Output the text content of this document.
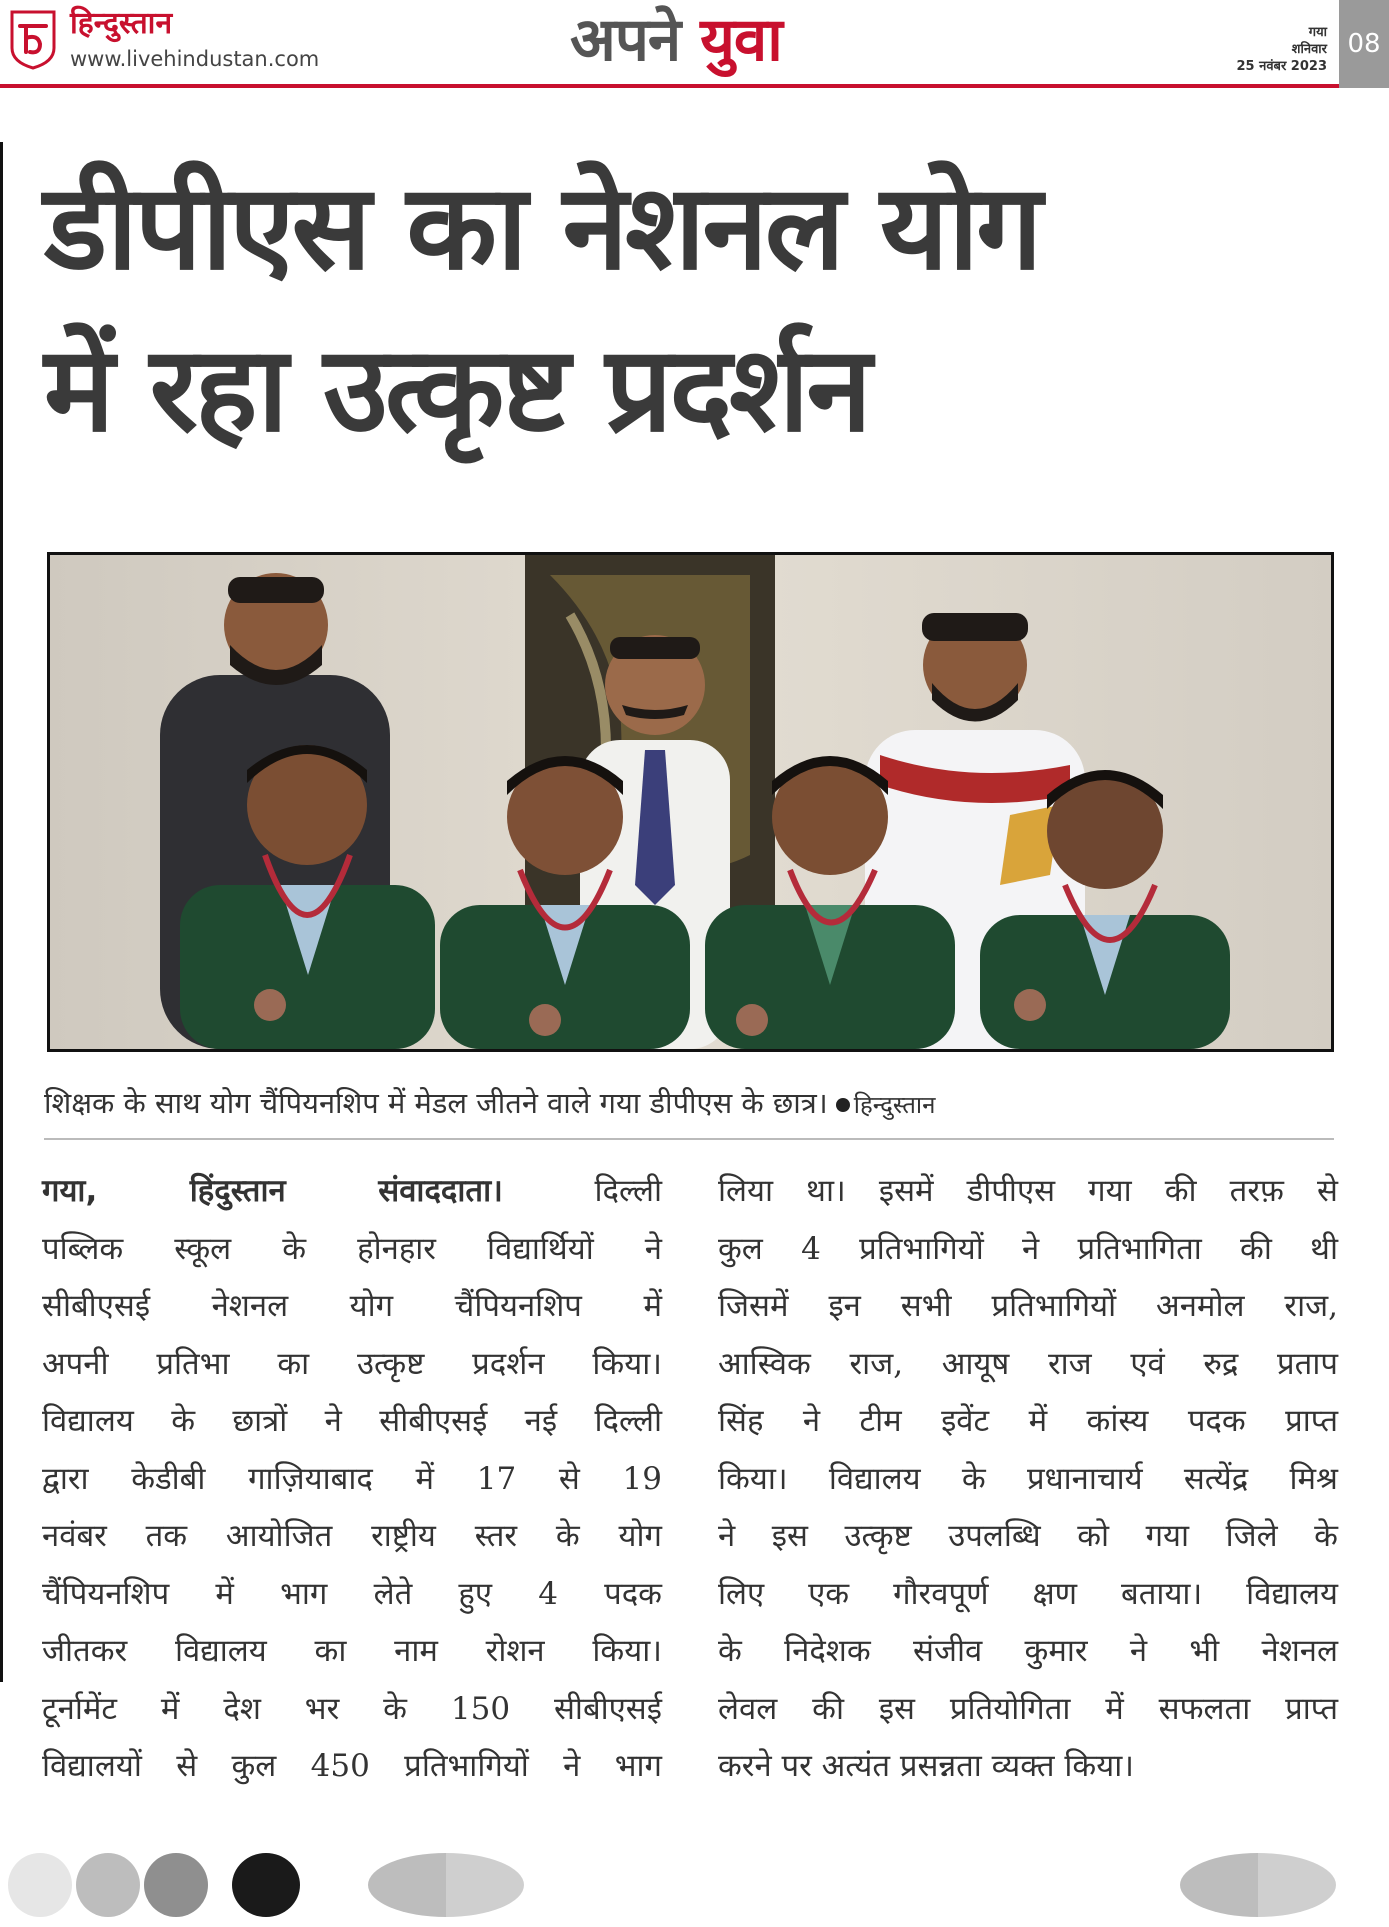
हिन्दुस्तान
www.livehindustan.com	अपने युवा	गया
शनिवार
25 नवंबर 2023
08
डीपीएस का नेशनल योग
में रहा उत्कृष्ट प्रदर्शन
शिक्षक के साथ योग चैंपियनशिप में मेडल जीतने वाले गया डीपीएस के छात्र। हिन्दुस्तान
गया, हिंदुस्तान संवाददाता।	दिल्ली
पब्लिक स्कूल के होनहार विद्यार्थियों ने
सीबीएसई नेशनल योग चैंपियनशिप में
अपनी प्रतिभा का उत्कृष्ट प्रदर्शन किया।
विद्यालय के छात्रों ने सीबीएसई नई दिल्ली
द्वारा केडीबी गाज़ियाबाद में 17 से 19
नवंबर तक आयोजित राष्ट्रीय स्तर के योग
चैंपियनशिप में भाग लेते हुए 4 पदक
जीतकर विद्यालय का नाम रोशन किया।
टूर्नामेंट में देश भर के 150 सीबीएसई
विद्यालयों से कुल 450 प्रतिभागियों ने भाग
लिया था। इसमें डीपीएस गया की तरफ़ से
कुल 4 प्रतिभागियों ने प्रतिभागिता की थी
जिसमें इन सभी प्रतिभागियों अनमोल राज,
आस्विक राज, आयूष राज एवं रुद्र प्रताप
सिंह ने टीम इवेंट में कांस्य पदक प्राप्त
किया। विद्यालय के प्रधानाचार्य सत्येंद्र मिश्र
ने इस उत्कृष्ट उपलब्धि को गया जिले के
लिए एक गौरवपूर्ण क्षण बताया। विद्यालय
के निदेशक संजीव कुमार ने भी नेशनल
लेवल की इस प्रतियोगिता में सफलता प्राप्त
करने पर अत्यंत प्रसन्नता व्यक्त किया।
